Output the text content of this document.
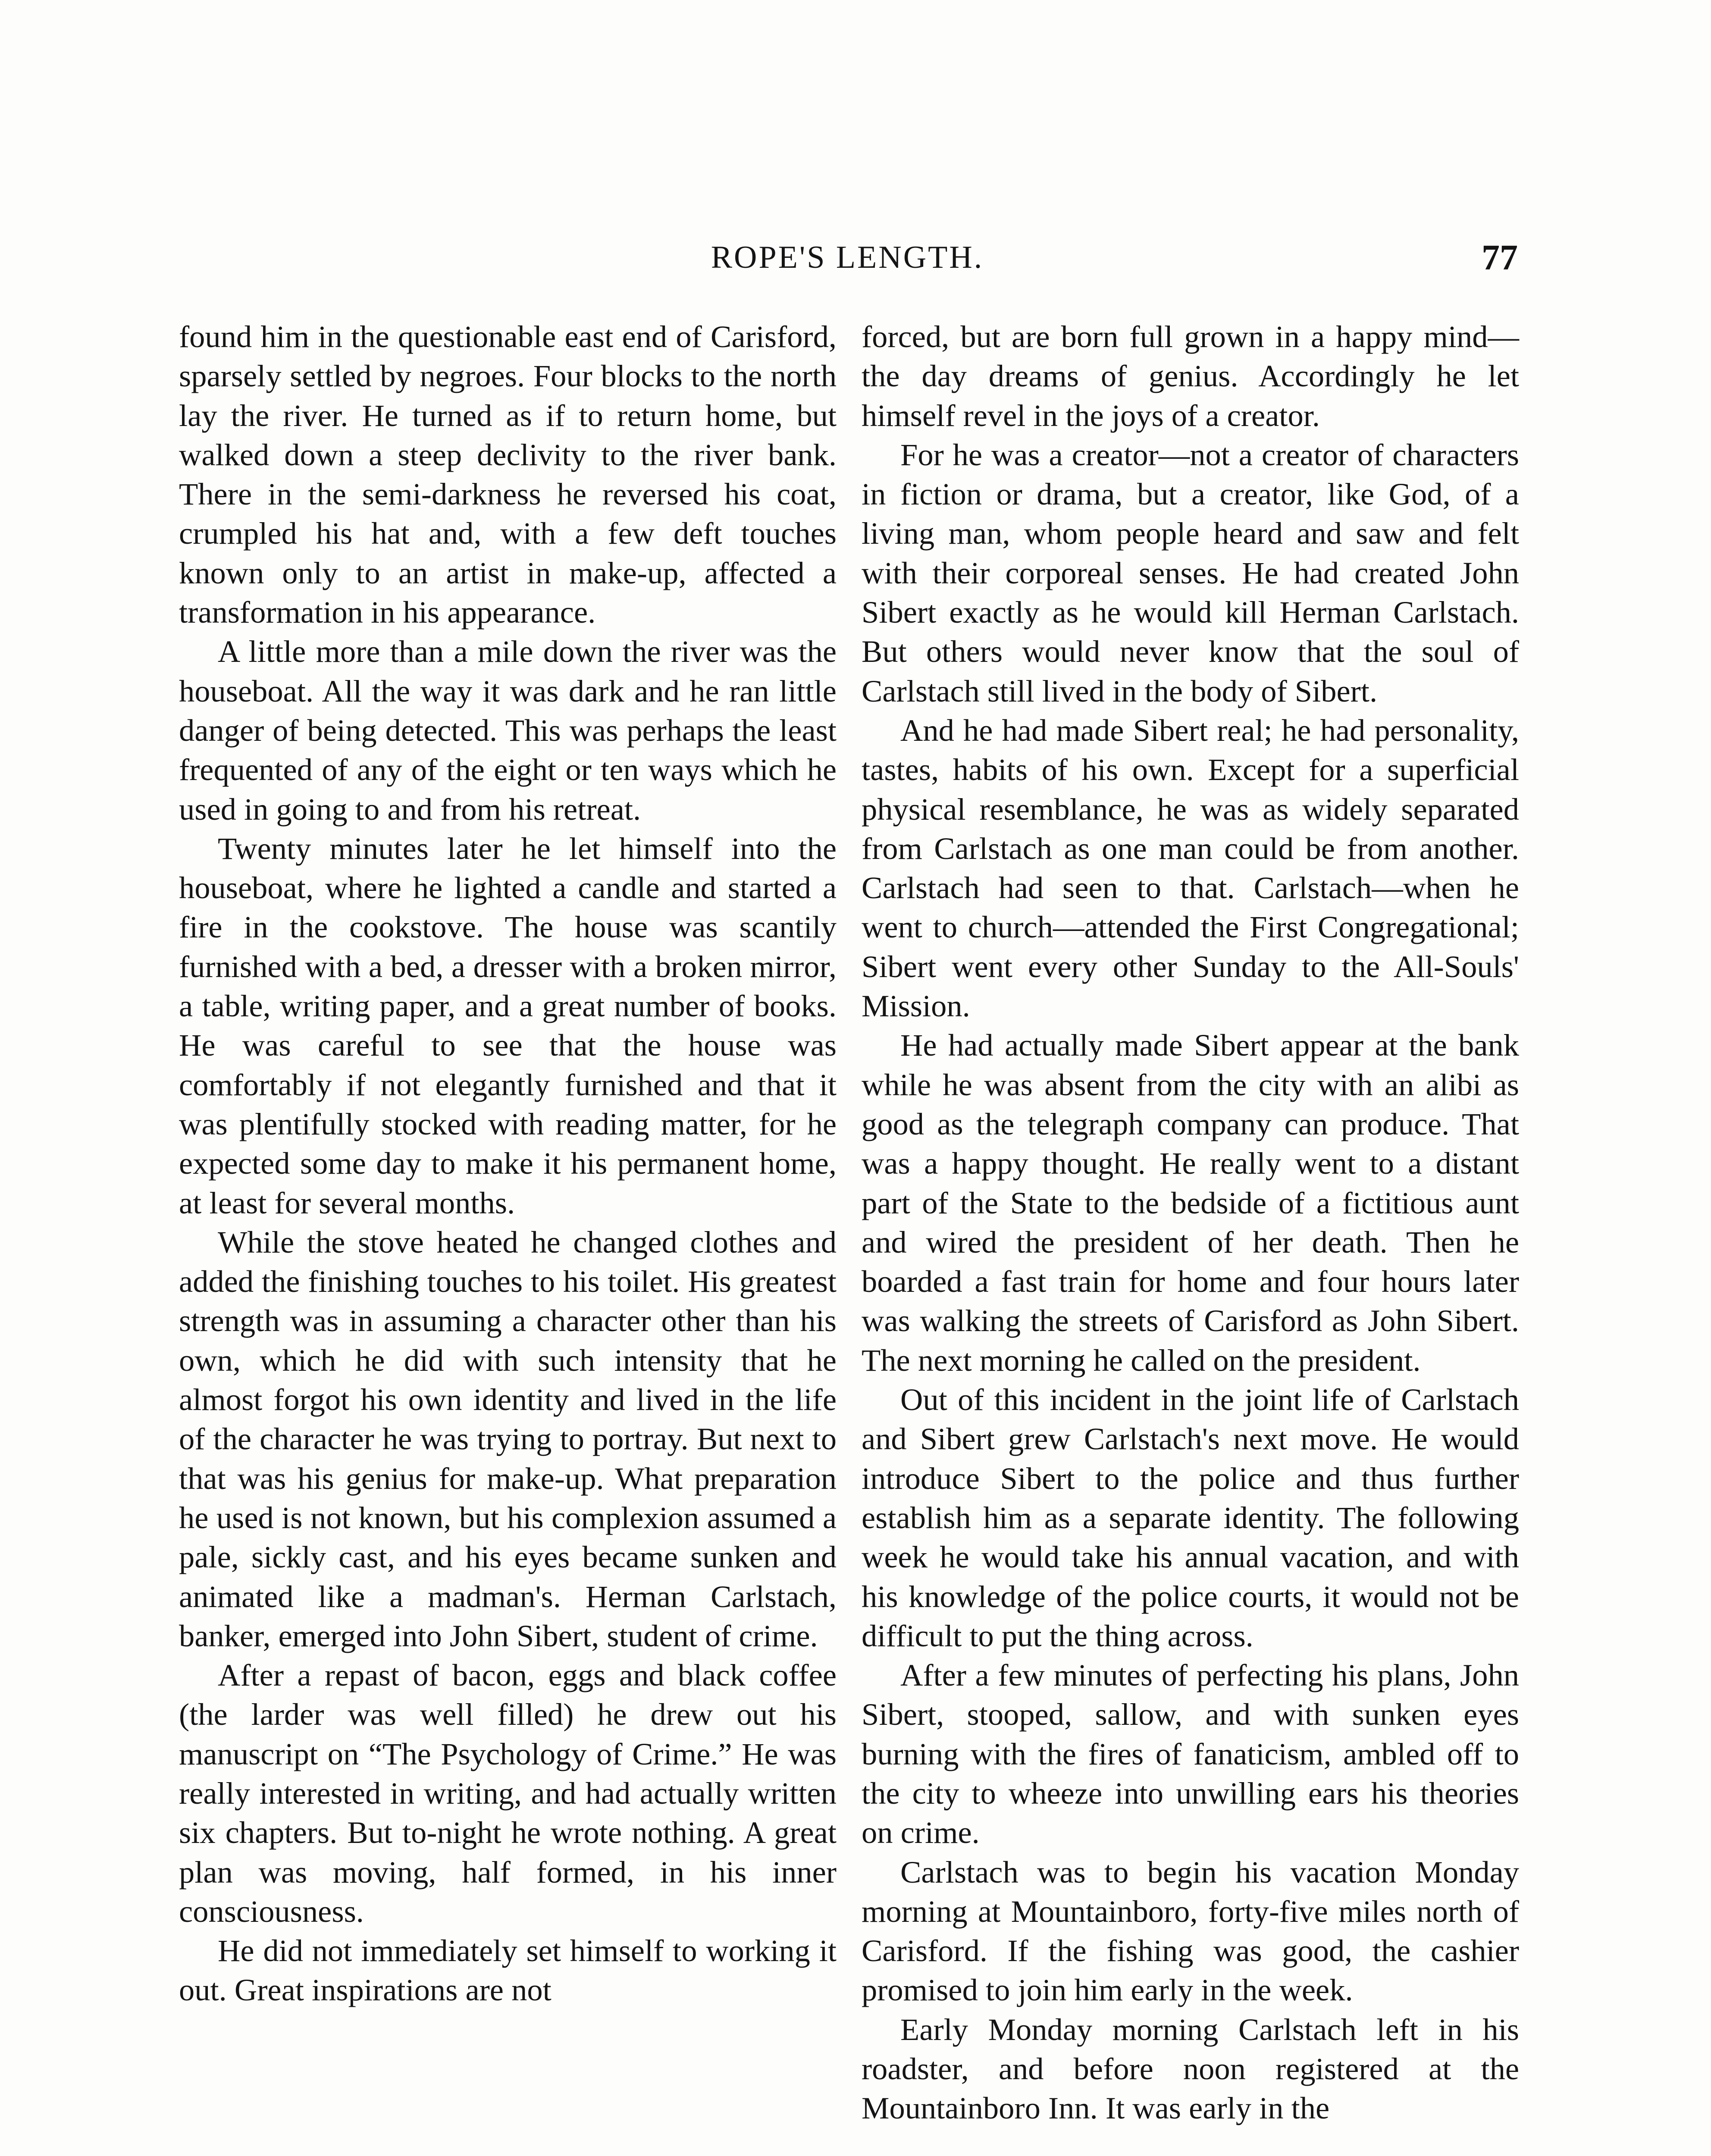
ROPE'S LENGTH.	77

found him in the questionable east end of Carisford, sparsely settled by negroes. Four blocks to the north lay the river. He turned as if to return home, but walked down a steep declivity to the river bank. There in the semi-darkness he reversed his coat, crumpled his hat and, with a few deft touches known only to an artist in make-up, affected a transformation in his appearance.

A little more than a mile down the river was the houseboat. All the way it was dark and he ran little danger of being detected. This was perhaps the least frequented of any of the eight or ten ways which he used in going to and from his retreat.

Twenty minutes later he let himself into the houseboat, where he lighted a candle and started a fire in the cookstove. The house was scantily furnished with a bed, a dresser with a broken mirror, a table, writing paper, and a great number of books. He was careful to see that the house was comfortably if not elegantly furnished and that it was plentifully stocked with reading matter, for he expected some day to make it his permanent home, at least for several months.

While the stove heated he changed clothes and added the finishing touches to his toilet. His greatest strength was in assuming a character other than his own, which he did with such intensity that he almost forgot his own identity and lived in the life of the character he was trying to portray. But next to that was his genius for make-up. What preparation he used is not known, but his complexion assumed a pale, sickly cast, and his eyes became sunken and animated like a madman's. Herman Carlstach, banker, emerged into John Sibert, student of crime.

After a repast of bacon, eggs and black coffee (the larder was well filled) he drew out his manuscript on “The Psychology of Crime.” He was really interested in writing, and had actually written six chapters. But to-night he wrote nothing. A great plan was moving, half formed, in his inner consciousness.

He did not immediately set himself to working it out. Great inspirations are not

forced, but are born full grown in a happy mind—the day dreams of genius. Accordingly he let himself revel in the joys of a creator.

For he was a creator—not a creator of characters in fiction or drama, but a creator, like God, of a living man, whom people heard and saw and felt with their corporeal senses. He had created John Sibert exactly as he would kill Herman Carlstach. But others would never know that the soul of Carlstach still lived in the body of Sibert.

And he had made Sibert real; he had personality, tastes, habits of his own. Except for a superficial physical resemblance, he was as widely separated from Carlstach as one man could be from another. Carlstach had seen to that. Carlstach—when he went to church—attended the First Congregational; Sibert went every other Sunday to the All-Souls' Mission.

He had actually made Sibert appear at the bank while he was absent from the city with an alibi as good as the telegraph company can produce. That was a happy thought. He really went to a distant part of the State to the bedside of a fictitious aunt and wired the president of her death. Then he boarded a fast train for home and four hours later was walking the streets of Carisford as John Sibert. The next morning he called on the president.

Out of this incident in the joint life of Carlstach and Sibert grew Carlstach's next move. He would introduce Sibert to the police and thus further establish him as a separate identity. The following week he would take his annual vacation, and with his knowledge of the police courts, it would not be difficult to put the thing across.

After a few minutes of perfecting his plans, John Sibert, stooped, sallow, and with sunken eyes burning with the fires of fanaticism, ambled off to the city to wheeze into unwilling ears his theories on crime.

Carlstach was to begin his vacation Monday morning at Mountainboro, forty-five miles north of Carisford. If the fishing was good, the cashier promised to join him early in the week.

Early Monday morning Carlstach left in his roadster, and before noon registered at the Mountainboro Inn. It was early in the
